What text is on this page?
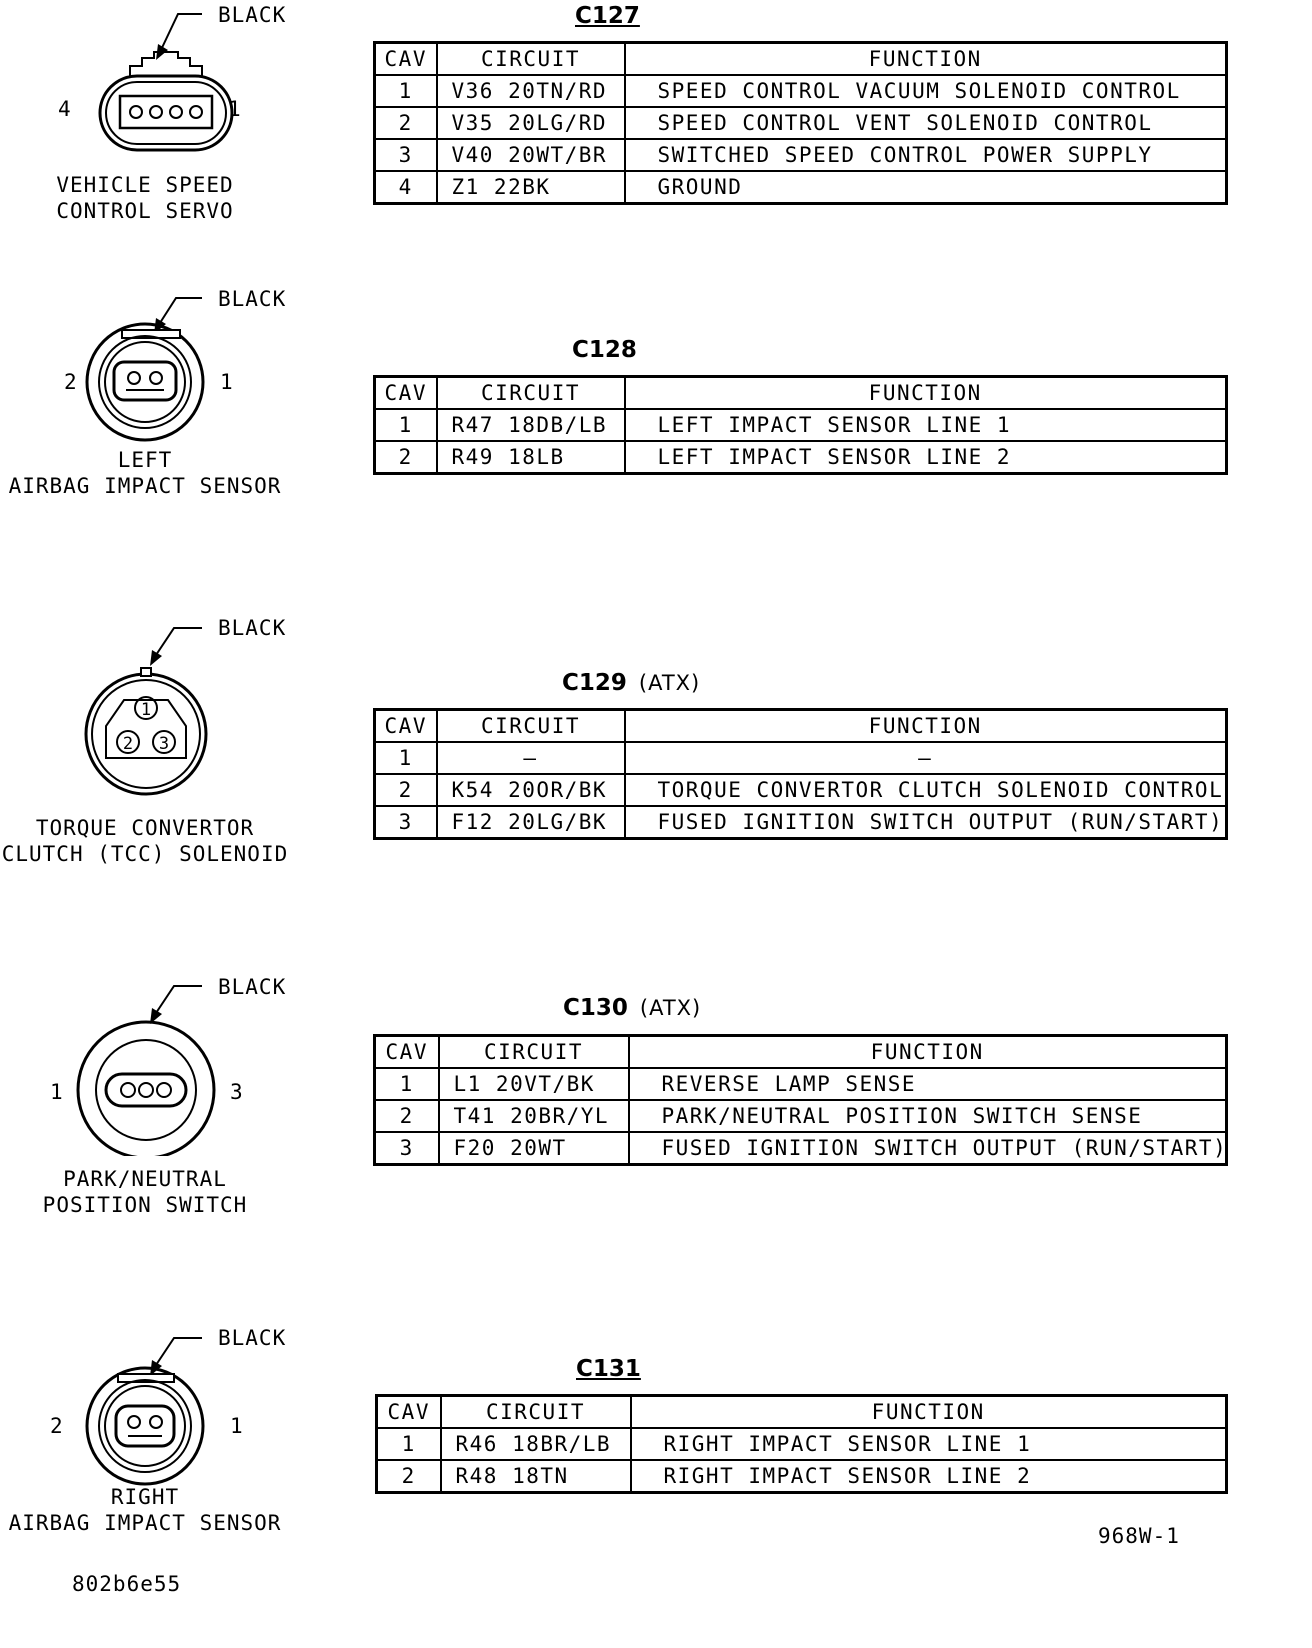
BLACK
4	1
VEHICLE SPEED
CONTROL SERVO
C127
CAV	CIRCUIT	FUNCTION
1	V36 20TN/RD	SPEED CONTROL VACUUM SOLENOID CONTROL
2	V35 20LG/RD	SPEED CONTROL VENT SOLENOID CONTROL
3	V40 20WT/BR	SWITCHED SPEED CONTROL POWER SUPPLY
4	Z1 22BK	GROUND
BLACK
2	1
LEFT
AIRBAG IMPACT SENSOR
C128
CAV	CIRCUIT	FUNCTION
1	R47 18DB/LB	LEFT IMPACT SENSOR LINE 1
2	R49 18LB	LEFT IMPACT SENSOR LINE 2
1
2 3
BLACK
TORQUE CONVERTOR
CLUTCH (TCC) SOLENOID
C129 (ATX)
CAV	CIRCUIT	FUNCTION
1	–	–
2	K54 20OR/BK	TORQUE CONVERTOR CLUTCH SOLENOID CONTROL
3	F12 20LG/BK	FUSED IGNITION SWITCH OUTPUT (RUN/START)
BLACK
1	3
PARK/NEUTRAL
POSITION SWITCH
C130 (ATX)
CAV	CIRCUIT	FUNCTION
1	L1 20VT/BK	REVERSE LAMP SENSE
2	T41 20BR/YL	PARK/NEUTRAL POSITION SWITCH SENSE
3	F20 20WT	FUSED IGNITION SWITCH OUTPUT (RUN/START)
BLACK
2	1
RIGHT
AIRBAG IMPACT SENSOR
C131
CAV	CIRCUIT	FUNCTION
1	R46 18BR/LB	RIGHT IMPACT SENSOR LINE 1
2	R48 18TN	RIGHT IMPACT SENSOR LINE 2
968W-1
802b6e55
